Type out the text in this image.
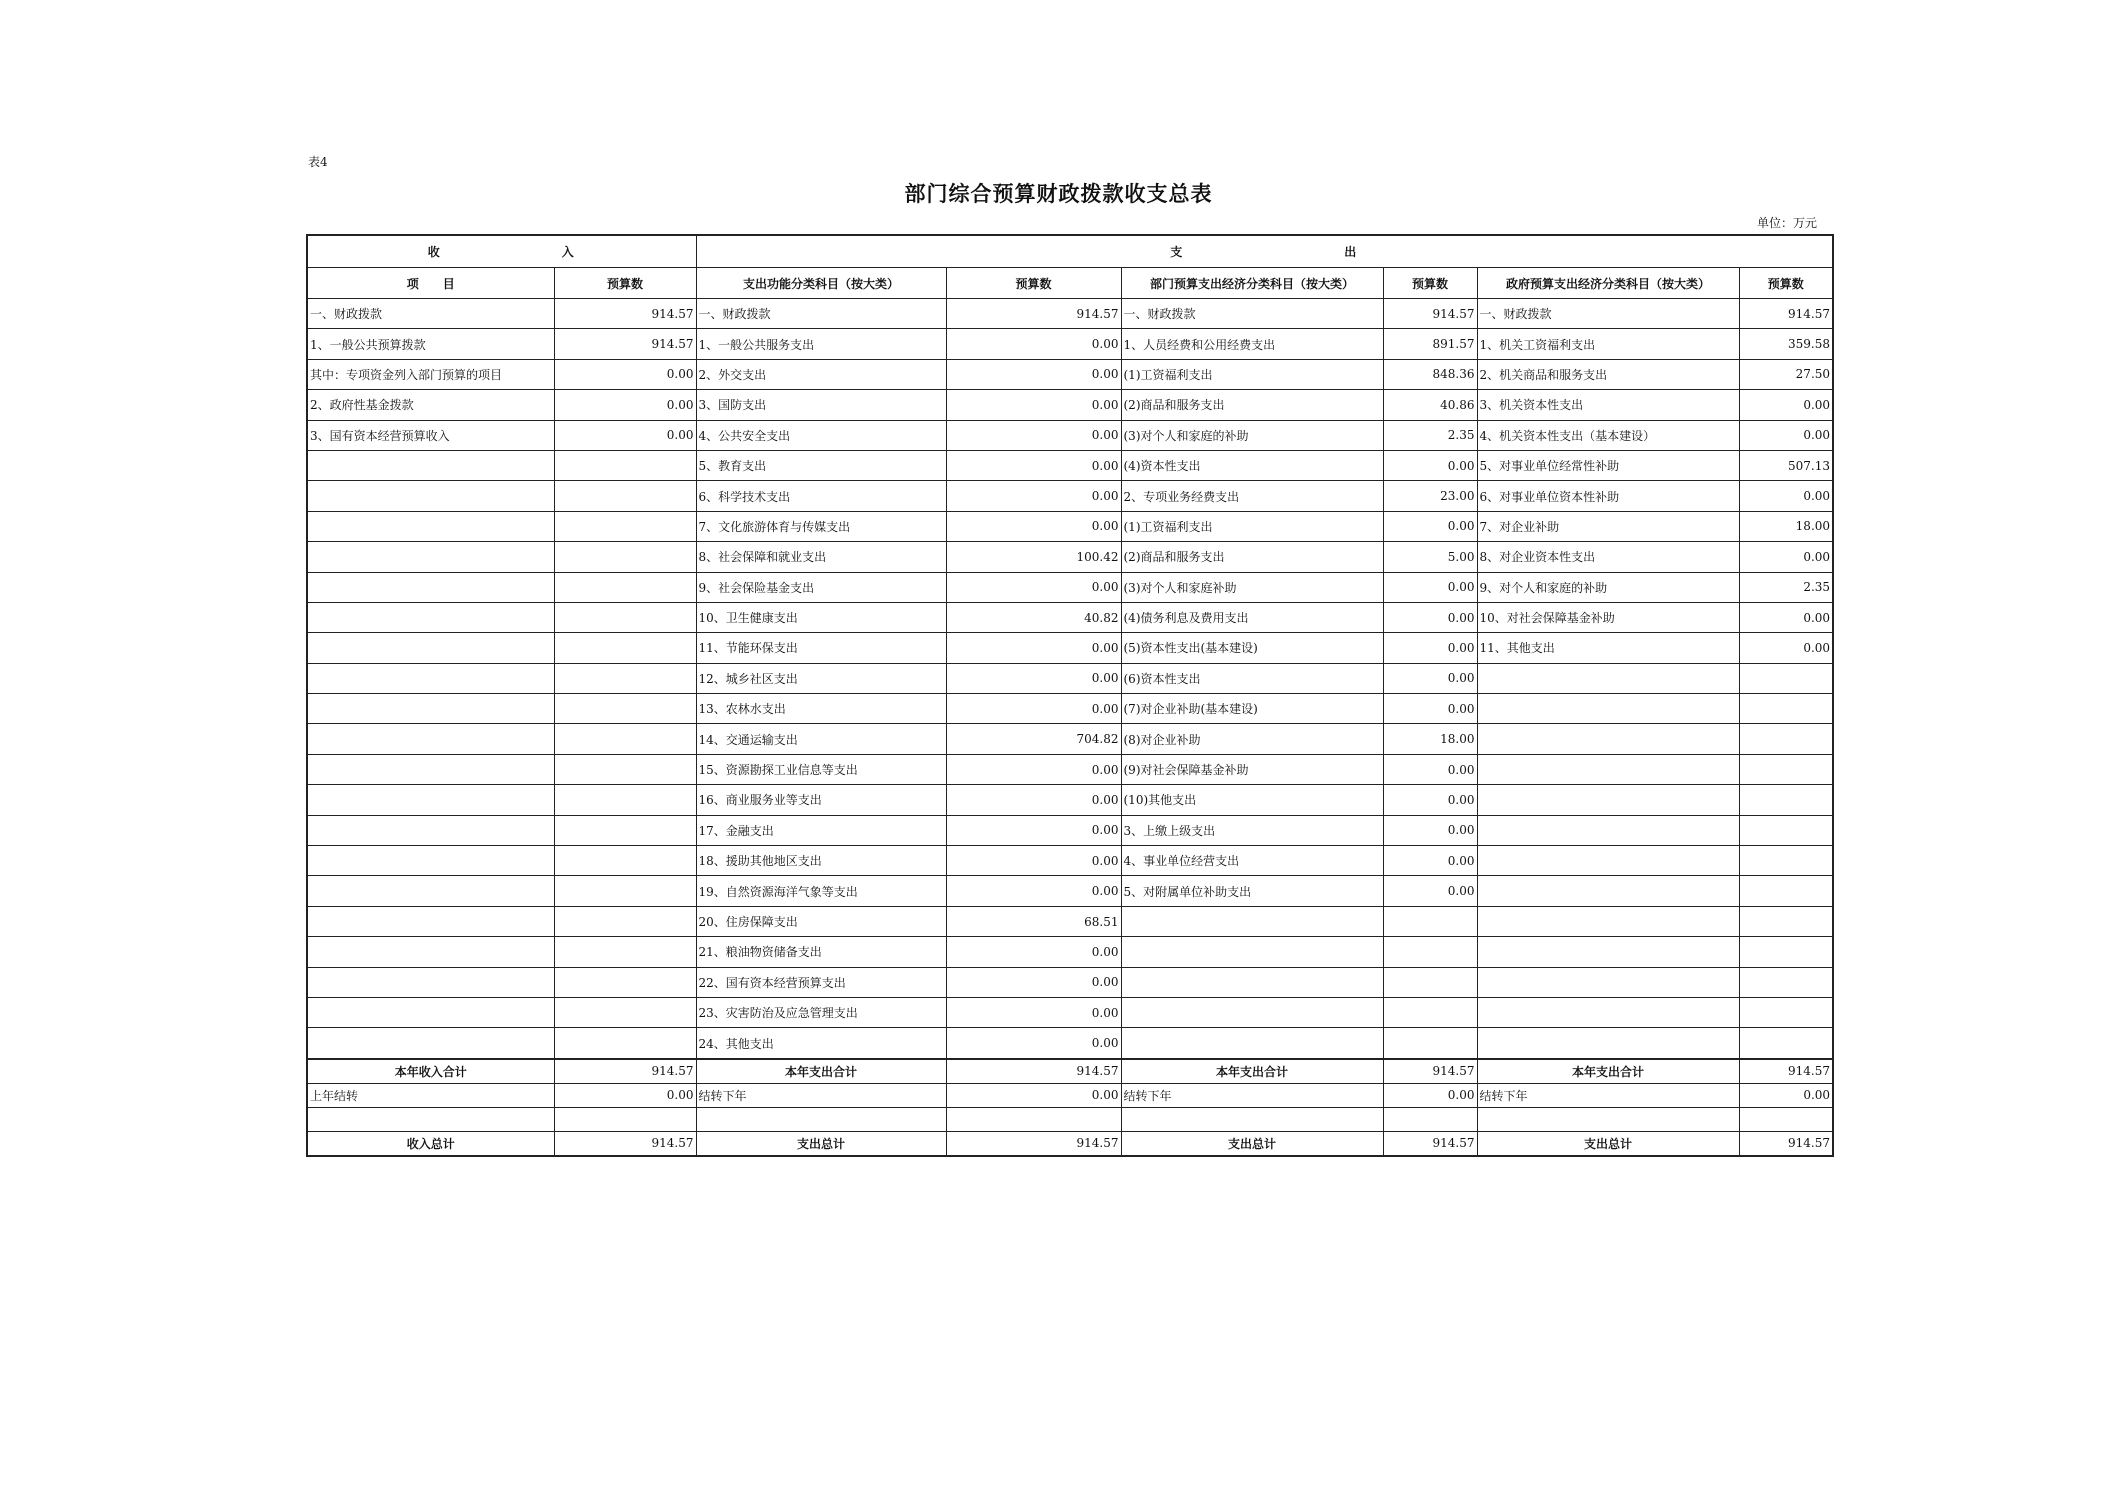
表4
部门综合预算财政拨款收支总表
单位：万元
收 入		支 出					
项　　目	预算数	支出功能分类科目（按大类）	预算数	部门预算支出经济分类科目（按大类）	预算数	政府预算支出经济分类科目（按大类）	预算数
一、财政拨款	914.57	一、财政拨款	914.57	一、财政拨款	914.57	一、财政拨款	914.57
1、一般公共预算拨款	914.57	1、一般公共服务支出	0.00	1、人员经费和公用经费支出	891.57	1、机关工资福利支出	359.58
其中：专项资金列入部门预算的项目	0.00	2、外交支出	0.00	(1)工资福利支出	848.36	2、机关商品和服务支出	27.50
2、政府性基金拨款	0.00	3、国防支出	0.00	(2)商品和服务支出	40.86	3、机关资本性支出	0.00
3、国有资本经营预算收入	0.00	4、公共安全支出	0.00	(3)对个人和家庭的补助	2.35	4、机关资本性支出（基本建设）	0.00
		5、教育支出	0.00	(4)资本性支出	0.00	5、对事业单位经常性补助	507.13
		6、科学技术支出	0.00	2、专项业务经费支出	23.00	6、对事业单位资本性补助	0.00
		7、文化旅游体育与传媒支出	0.00	(1)工资福利支出	0.00	7、对企业补助	18.00
		8、社会保障和就业支出	100.42	(2)商品和服务支出	5.00	8、对企业资本性支出	0.00
		9、社会保险基金支出	0.00	(3)对个人和家庭补助	0.00	9、对个人和家庭的补助	2.35
		10、卫生健康支出	40.82	(4)债务利息及费用支出	0.00	10、对社会保障基金补助	0.00
		11、节能环保支出	0.00	(5)资本性支出(基本建设)	0.00	11、其他支出	0.00
		12、城乡社区支出	0.00	(6)资本性支出	0.00		
		13、农林水支出	0.00	(7)对企业补助(基本建设)	0.00		
		14、交通运输支出	704.82	(8)对企业补助	18.00		
		15、资源勘探工业信息等支出	0.00	(9)对社会保障基金补助	0.00		
		16、商业服务业等支出	0.00	(10)其他支出	0.00		
		17、金融支出	0.00	3、上缴上级支出	0.00		
		18、援助其他地区支出	0.00	4、事业单位经营支出	0.00		
		19、自然资源海洋气象等支出	0.00	5、对附属单位补助支出	0.00		
		20、住房保障支出	68.51				
		21、粮油物资储备支出	0.00				
		22、国有资本经营预算支出	0.00				
		23、灾害防治及应急管理支出	0.00				
		24、其他支出	0.00				
本年收入合计	914.57	本年支出合计	914.57	本年支出合计	914.57	本年支出合计	914.57
上年结转	0.00	结转下年	0.00	结转下年	0.00	结转下年	0.00

收入总计	914.57	支出总计	914.57	支出总计	914.57	支出总计	914.57
